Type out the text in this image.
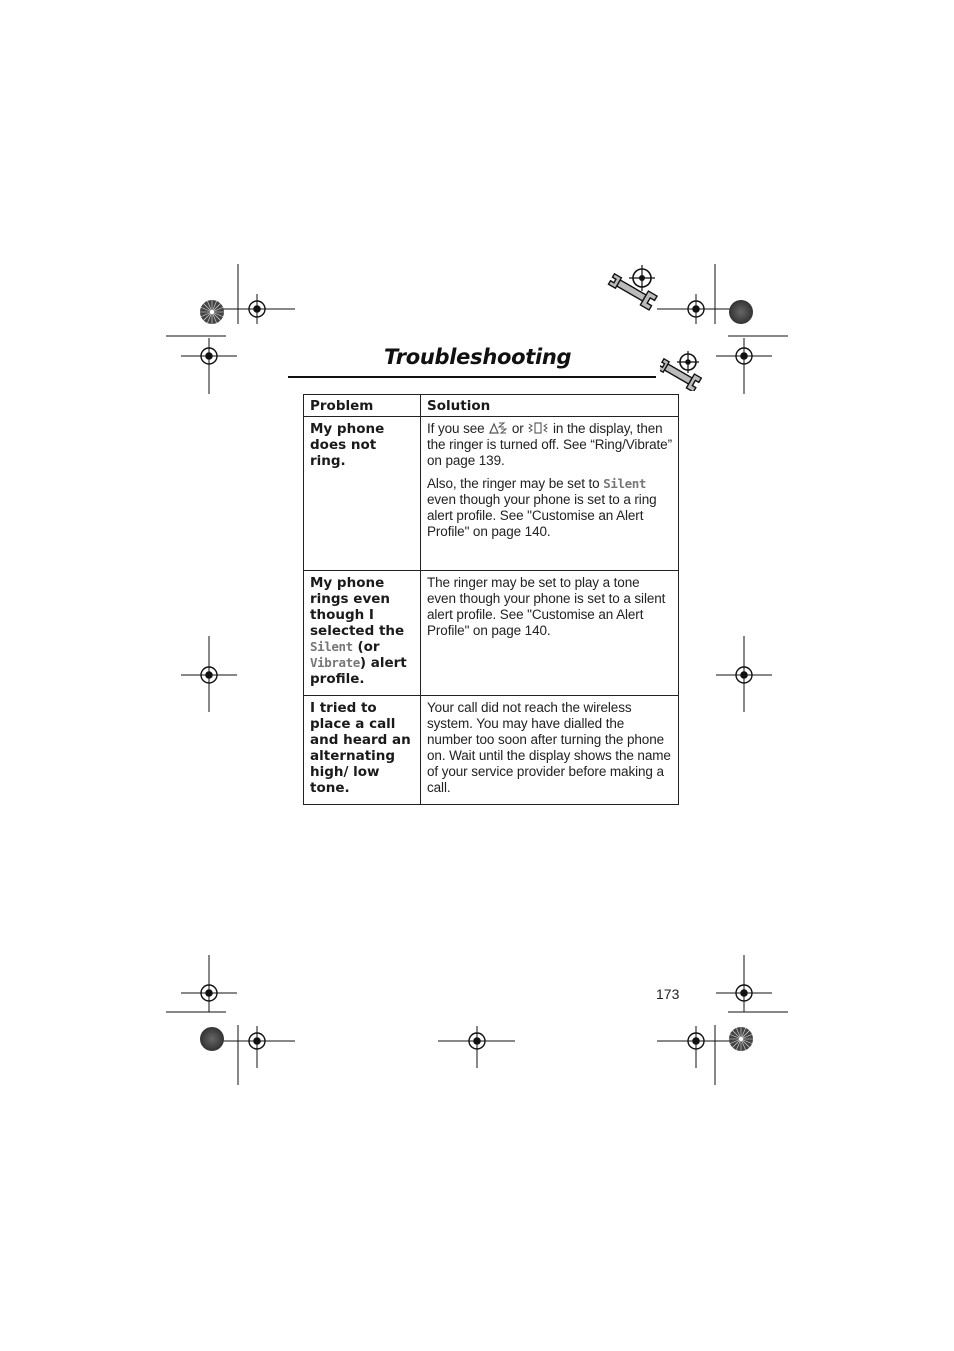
Troubleshooting
Problem	Solution
My phone does not ring.	If you see or in the display, then the ringer is turned off. See “Ring/Vibrate” on page 139.

Also, the ringer may be set to Silent even though your phone is set to a ring alert profile. See "Customise an Alert Profile" on page 140.

My phone rings even though I selected the Silent (or
Vibrate) alert profile.	The ringer may be set to play a tone even though your phone is set to a silent alert profile. See "Customise an Alert Profile" on page 140.
I tried to place a call and heard an alternating high/ low tone.	Your call did not reach the wireless system. You may have dialled the number too soon after turning the phone on. Wait until the display shows the name of your service provider before making a call.
173
